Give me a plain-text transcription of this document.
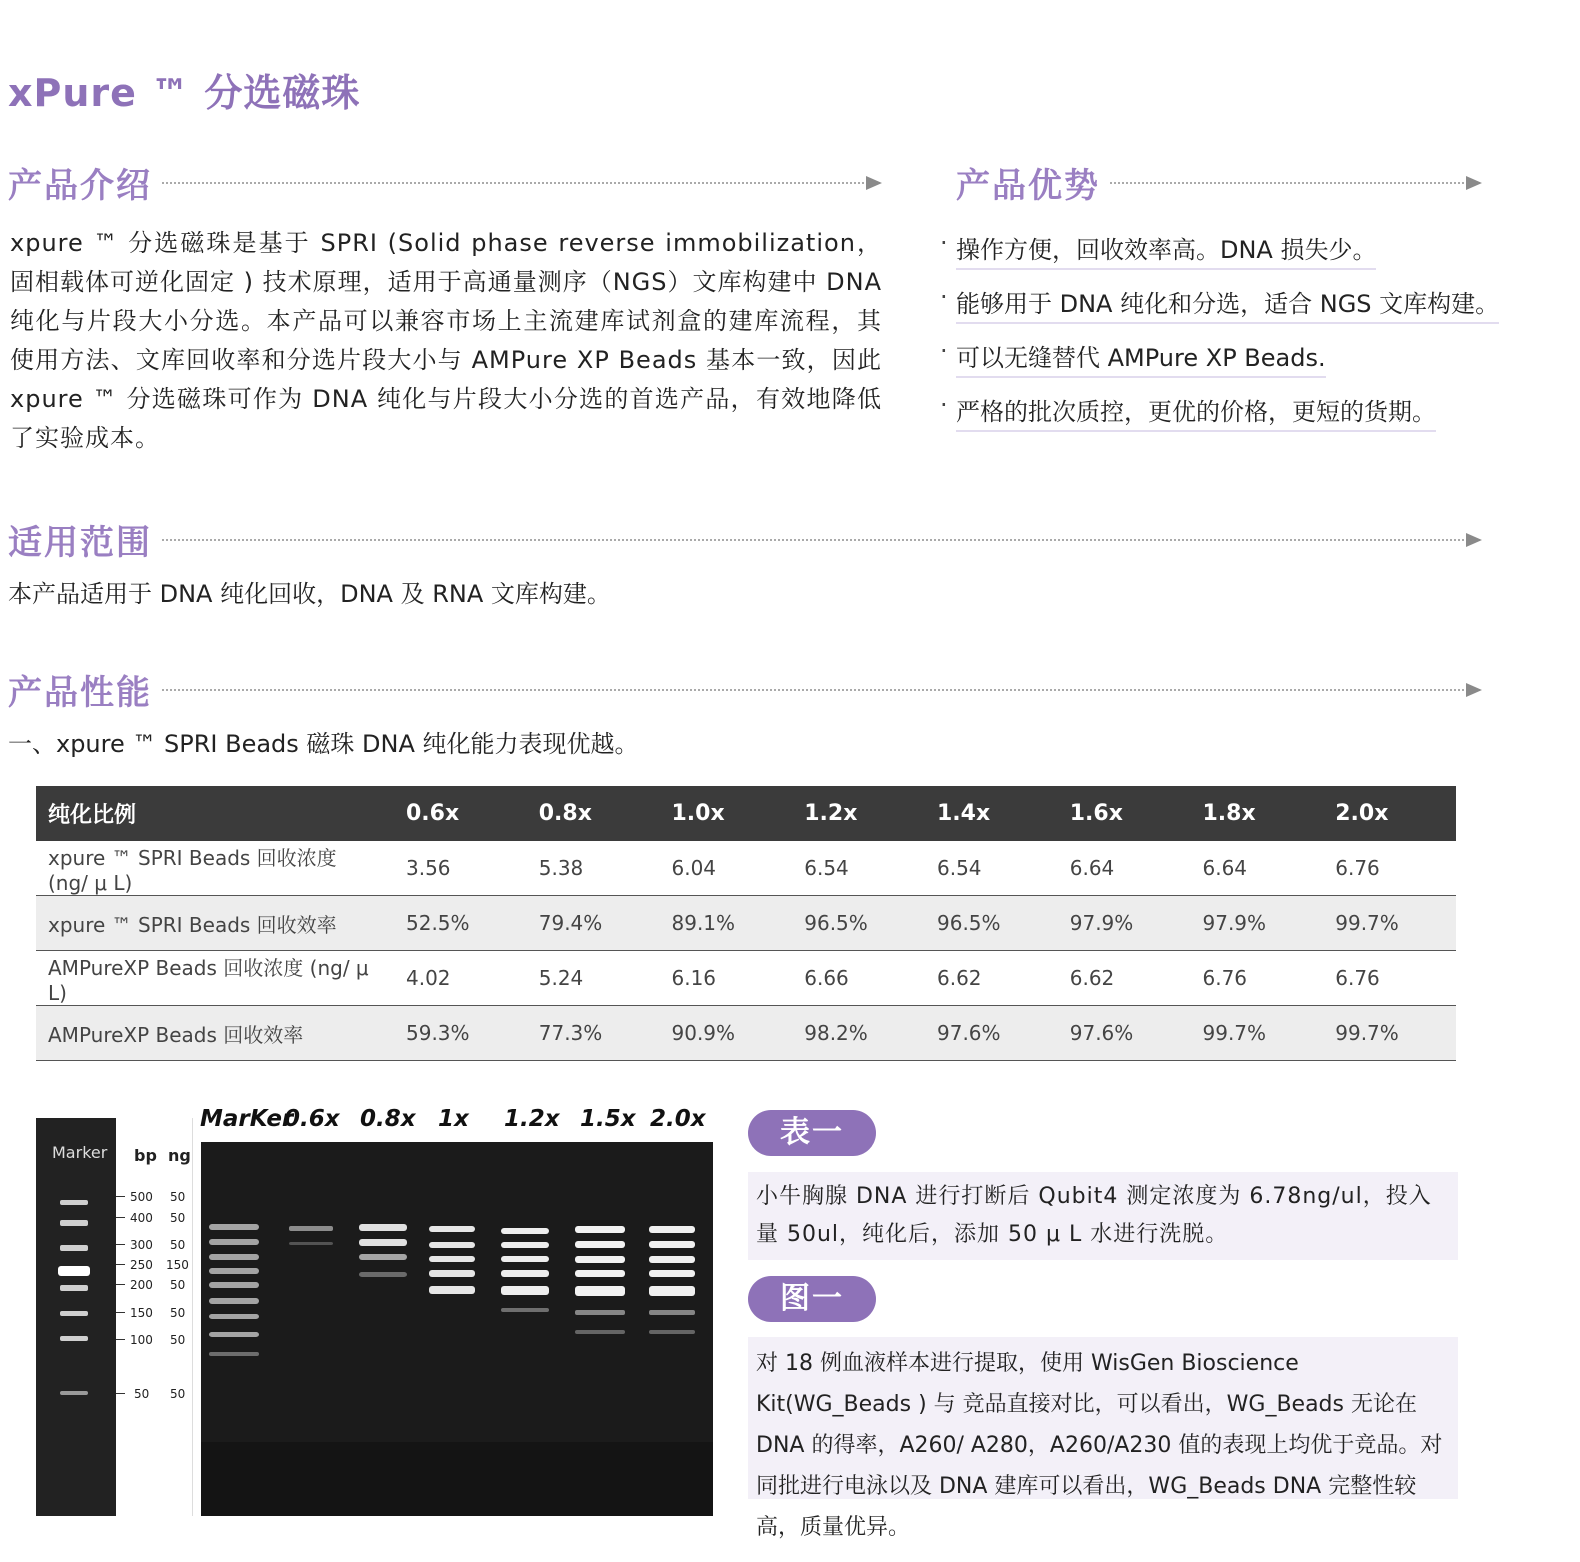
xPure ™ 分选磁珠
产品介绍
xpure ™ 分选磁珠是基于 SPRI (Solid phase reverse immobilization，固相载体可逆化固定 ) 技术原理，适用于高通量测序（NGS）文库构建中 DNA 纯化与片段大小分选。本产品可以兼容市场上主流建库试剂盒的建库流程，其使用方法、文库回收率和分选片段大小与 AMPure XP Beads 基本一致，因此 xpure ™ 分选磁珠可作为 DNA 纯化与片段大小分选的首选产品，有效地降低了实验成本。
产品优势
· 操作方便，回收效率高。DNA 损失少。
· 能够用于 DNA 纯化和分选，适合 NGS 文库构建。
· 可以无缝替代 AMPure XP Beads.
· 严格的批次质控，更优的价格，更短的货期。
适用范围
本产品适用于 DNA 纯化回收，DNA 及 RNA 文库构建。
产品性能
一、xpure ™ SPRI Beads 磁珠 DNA 纯化能力表现优越。
纯化比例	0.6x	0.8x	1.0x	1.2x	1.4x	1.6x	1.8x	2.0x
xpure ™ SPRI Beads 回收浓度 (ng/ μ L)	3.56	5.38	6.04	6.54	6.54	6.64	6.64	6.76
xpure ™ SPRI Beads 回收效率	52.5%	79.4%	89.1%	96.5%	96.5%	97.9%	97.9%	99.7%
AMPureXP Beads 回收浓度 (ng/ μ L)	4.02	5.24	6.16	6.66	6.62	6.62	6.76	6.76
AMPureXP Beads 回收效率	59.3%	77.3%	90.9%	98.2%	97.6%	97.6%	99.7%	99.7%
Marker bp ng
500 50
400 50
300 50
250 150
200 50
150 50
100 50
50 50
MarKer
0.6x 0.8x 1x	1.2x 1.5x 2.0x	表一
小牛胸腺 DNA 进行打断后 Qubit4 测定浓度为 6.78ng/ul，投入量 50ul，纯化后，添加 50 μ L 水进行洗脱。
图一
对 18 例血液样本进行提取，使用 WisGen Bioscience Kit(WG_Beads ) 与 竞品直接对比，可以看出，WG_Beads 无论在 DNA 的得率，A260/ A280，A260/A230 值的表现上均优于竞品。对同批进行电泳以及 DNA 建库可以看出，WG_Beads DNA 完整性较高，质量优异。
